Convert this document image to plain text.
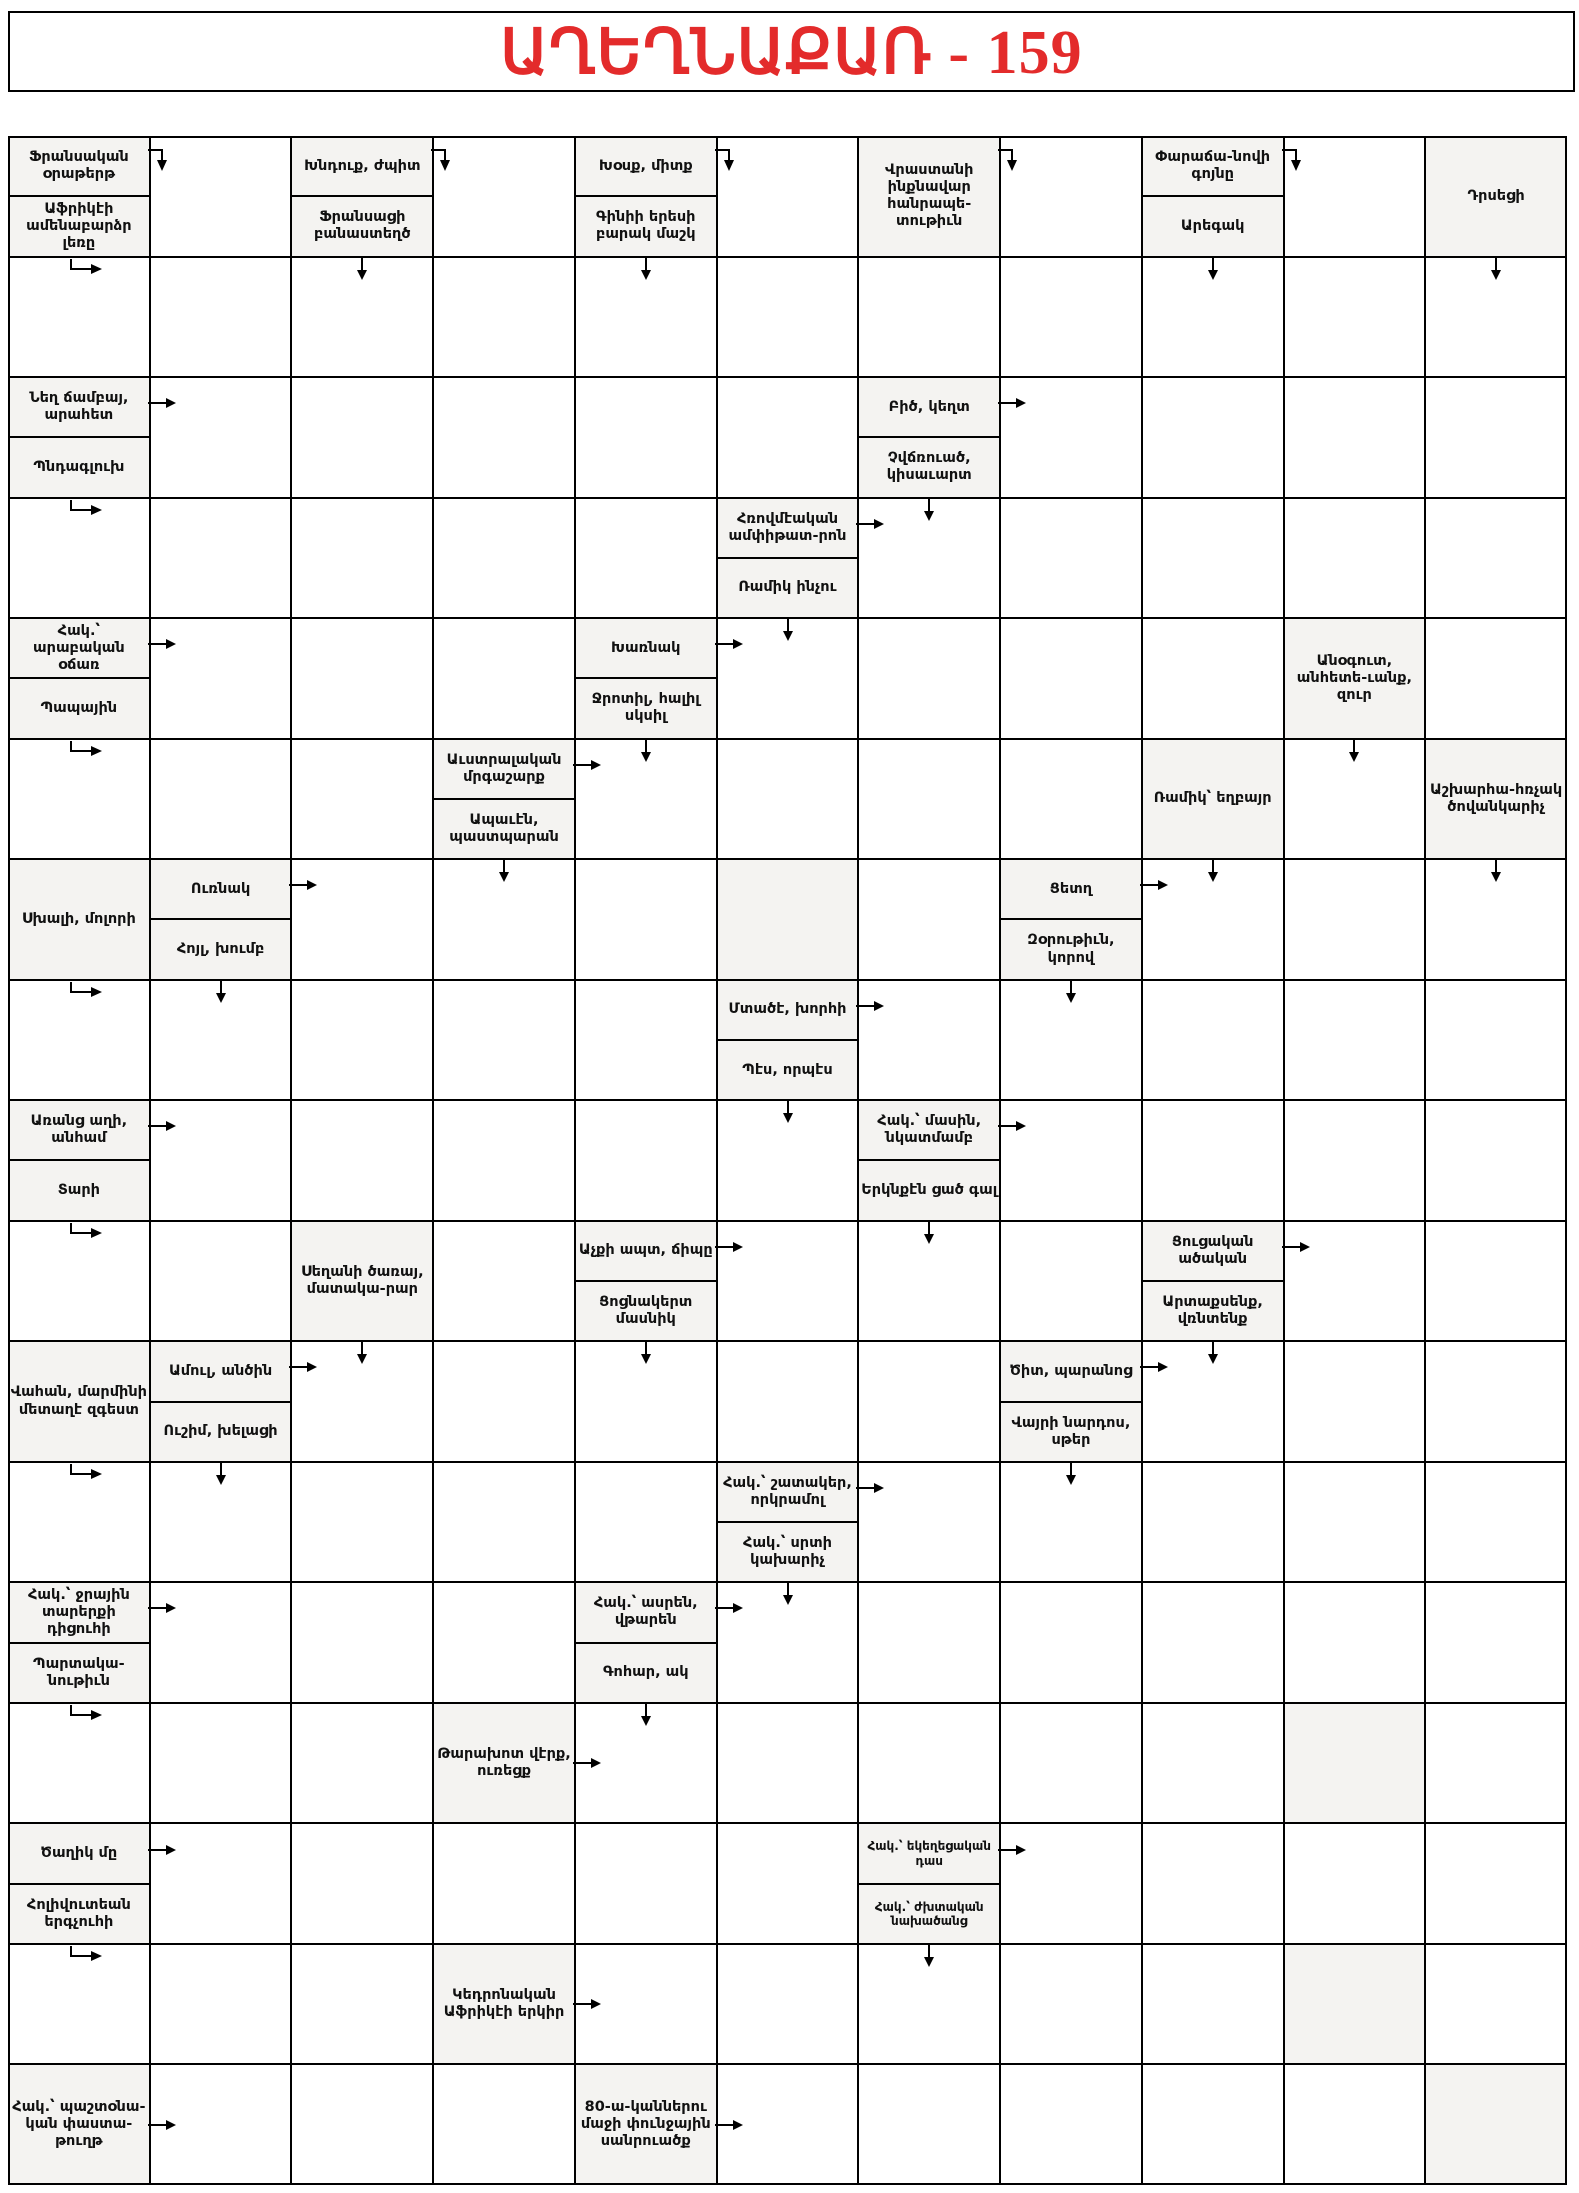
ԱՂԵՂՆԱՔԱՌ - 159
Ֆրանսական օրաթերթ
Աֆրիկէի ամենաբարձր լեռը
Խնդուք, ժպիտ
Ֆրանսացի բանաստեղծ
Խօսք, միտք
Գինիի երեսի բարակ մաշկ
Վրաստանի ինքնավար հանրապե-տութիւն
Փարաճա-նովի գոյնը
Արեգակ
Դրսեցի
Նեղ ճամբայ, արահետ
Պնդագլուխ
Բիծ, կեղտ
Չվճռուած, կիսաւարտ
Հռովմէական ամփիթատ-րոն
Ռամիկ ինչու
Հակ.՝ արաբական օճառ
Պապային
Խառնակ
Ջրոտիլ, հալիլ սկսիլ
Անօգուտ, անհետե-ւանք, զուր
Աւստրալական մրգաշարք
Ապաւէն, պաստպարան
Ռամիկ՝ եղբայր
Աշխարհա-հռչակ ծովանկարիչ
Սխալի, մոլորի
Ուռնակ
Հոյլ, խումբ
Ցետղ
Զօրութիւն, կորով
Մտածէ, խորհի
Պէս, որպէս
Առանց աղի, անհամ
Տարի
Հակ.՝ մասին, նկատմամբ
Երկնքէն ցած գալ
Սեղանի ծառայ, մատակա-րար
Աչքի ապտ, ճիպը
Ցոցնակերտ մասնիկ
Ցուցական ածական
Արտաքսենք, վռնտենք
Վահան, մարմինի մետաղէ զգեստ
Ամուլ, անծին
Ուշիմ, խելացի
Ծիտ, պարանոց
Վայրի նարդոս, սթեր
Հակ.՝ շատակեր, որկրամոլ
Հակ.՝ սրտի կախարիչ
Հակ.՝ ջրային տարերքի դիցուհի
Պարտակա-նութիւն
Հակ.՝ ասրեն, վթարեն
Գոհար, ակ
Թարախոտ վէրք, ուռեցք
Ծաղիկ մը
Հոլիվուտեան երգչուհի
Հակ.՝ եկեղեցական դաս
Հակ.՝ ժխտական նախածանց
Կեդրոնական Աֆրիկէի երկիր
Հակ.՝ պաշտօնա-կան փաստա-թուղթ
80-ա-կաններու մաջի փունջային սանրուածք
